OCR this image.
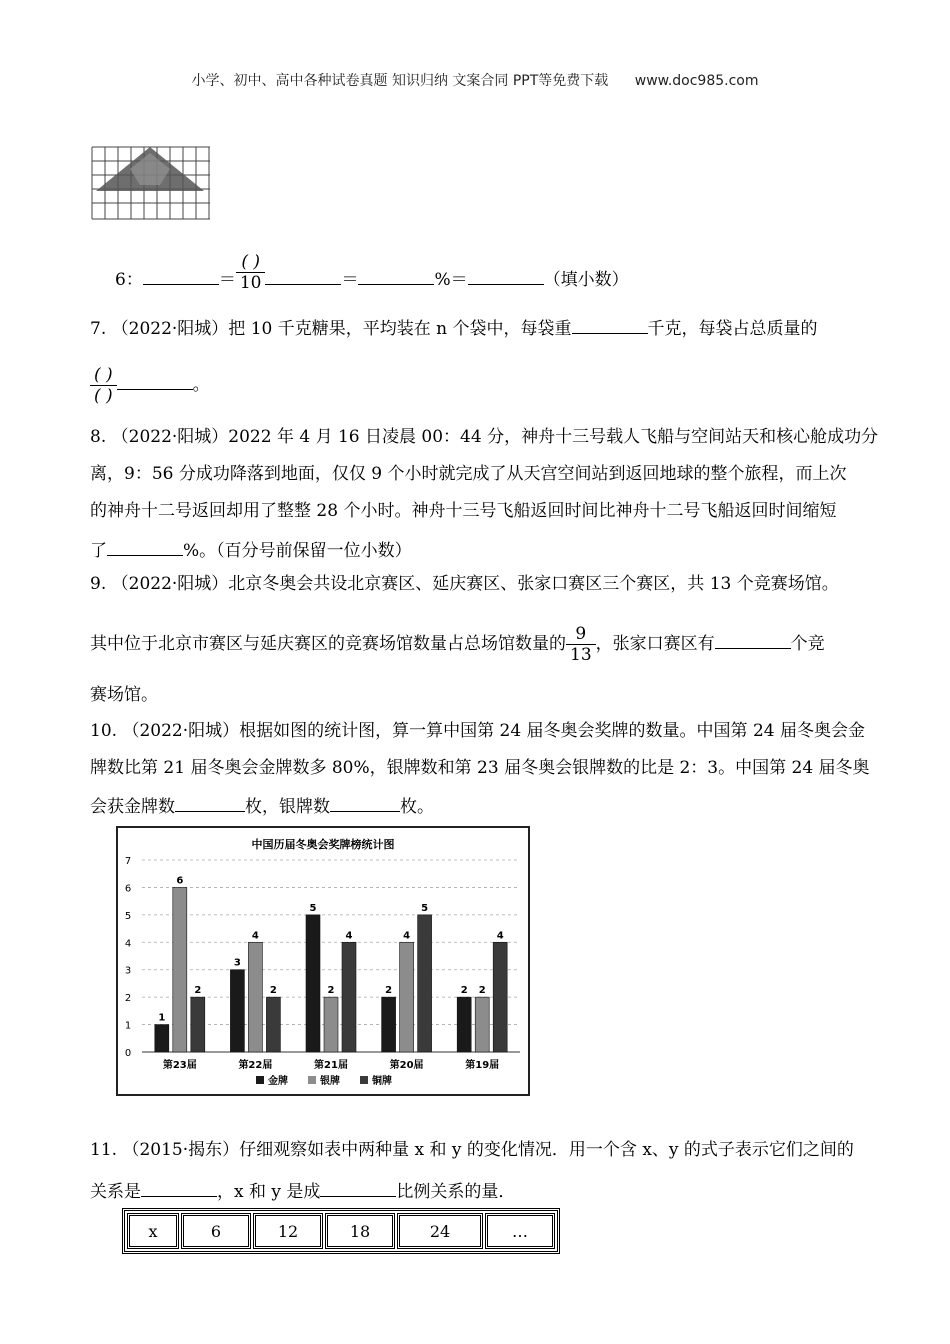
小学、初中、高中各种试卷真题 知识归纳 文案合同 PPT等免费下载 www.doc985.com
6：	＝ $\frac{( )}{10}$	＝	%＝	（填小数）
7. （2022·阳城）把 10 千克糖果，平均装在 n 个袋中，每袋重	千克，每袋占总质量的
$\frac{( )}{( )}$	。
8. （2022·阳城）2022 年 4 月 16 日凌晨 00：44 分，神舟十三号载人飞船与空间站天和核心舱成功分
离，9：56 分成功降落到地面，仅仅 9 个小时就完成了从天宫空间站到返回地球的整个旅程，而上次
的神舟十二号返回却用了整整 28 个小时。神舟十三号飞船返回时间比神舟十二号飞船返回时间缩短
了	%。（百分号前保留一位小数）
9. （2022·阳城）北京冬奥会共设北京赛区、延庆赛区、张家口赛区三个赛区，共 13 个竞赛场馆。
其中位于北京市赛区与延庆赛区的竞赛场馆数量占总场馆数量的 $\frac{9}{13}$ ，张家口赛区有	个竞
赛场馆。
10. （2022·阳城）根据如图的统计图，算一算中国第 24 届冬奥会奖牌的数量。中国第 24 届冬奥会金
牌数比第 21 届冬奥会金牌数多 80%，银牌数和第 23 届冬奥会银牌数的比是 2：3。中国第 24 届冬奥
会获金牌数	枚，银牌数	枚。
中国历届冬奥会奖牌榜统计图
0
1
2
3
4
5
6
7
1
6
2
第23届
3
4
2
第22届
5
2
4
第21届
2
4
5
第20届
2 2
4
第19届
金牌	银牌	铜牌
11. （2015·揭东）仔细观察如表中两种量 x 和 y 的变化情况．用一个含 x、y 的式子表示它们之间的
关系是	，x 和 y 是成	比例关系的量．
x	6	12	18	24	…
